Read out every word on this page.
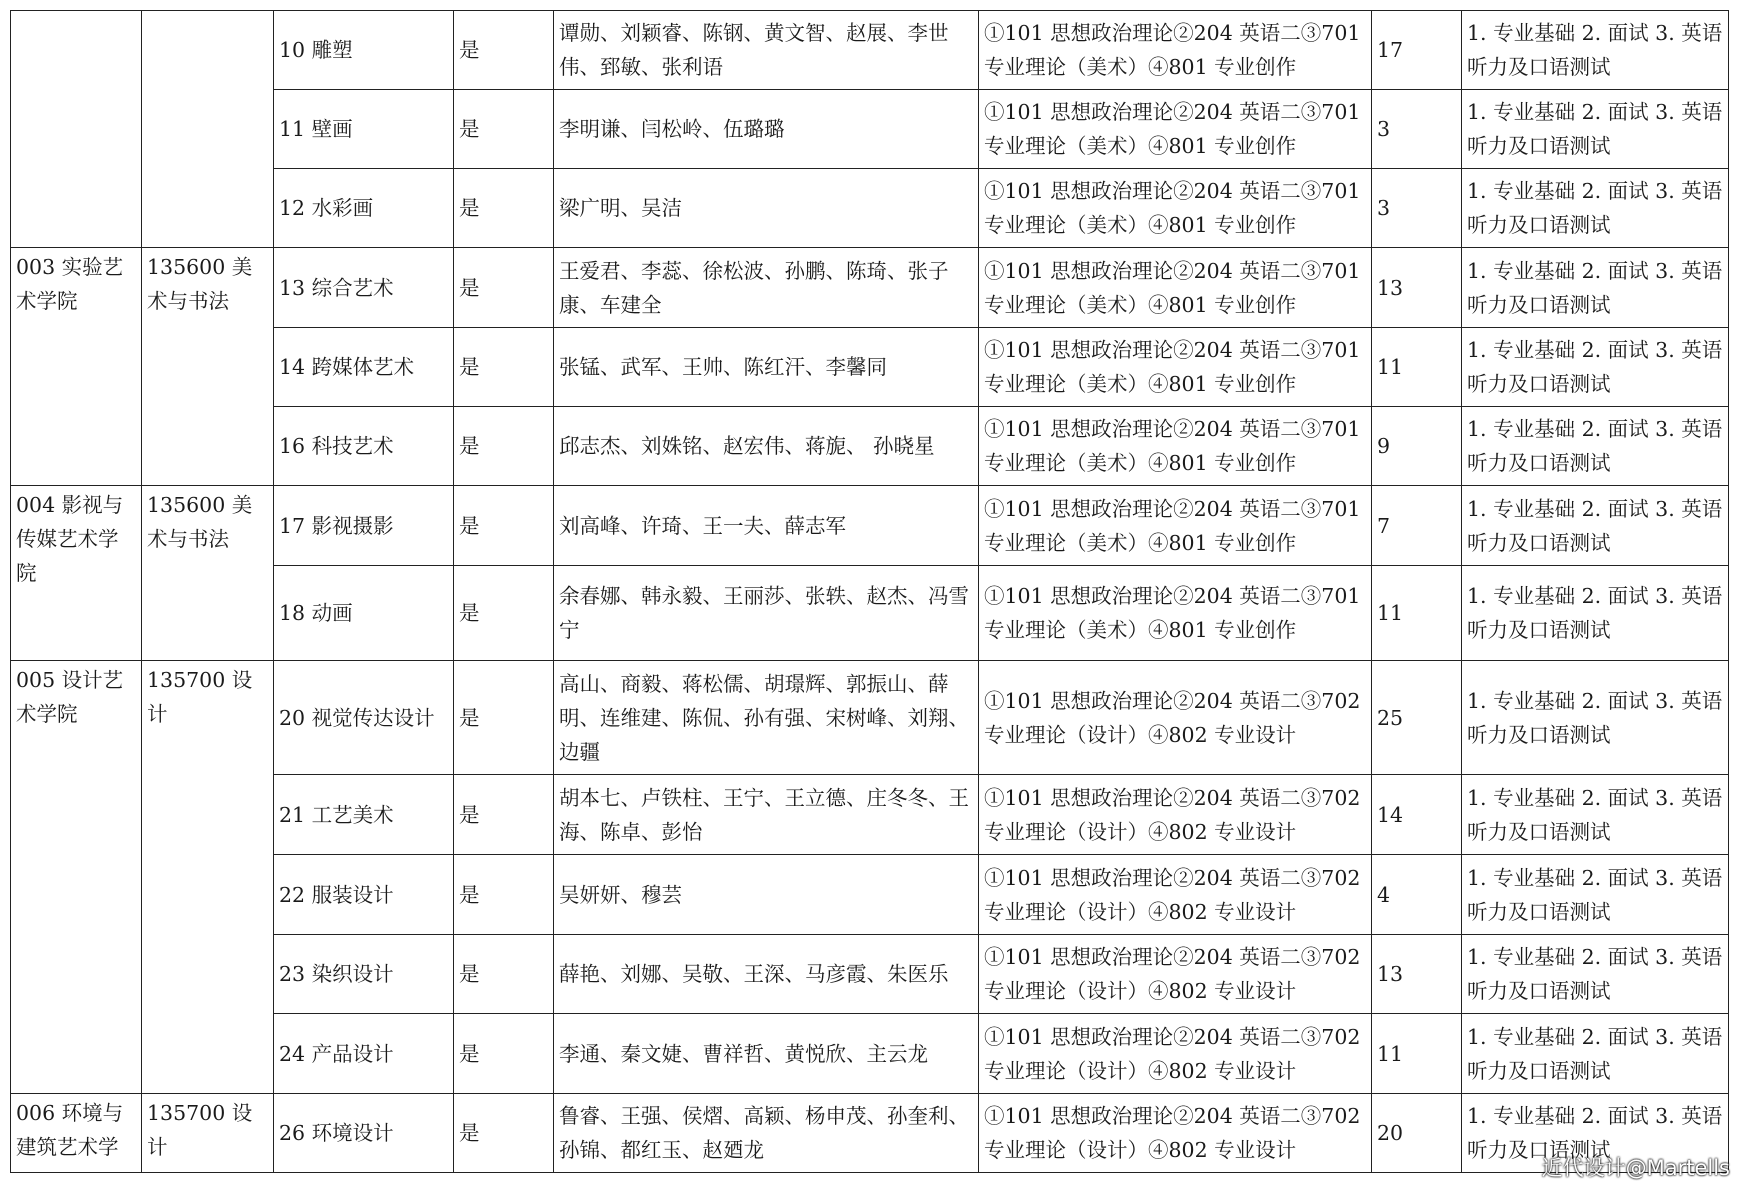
		10 雕塑	是	谭勋、刘颖睿、陈钢、黄文智、赵展、李世伟、郅敏、张利语	①101 思想政治理论②204 英语二③701 专业理论（美术）④801 专业创作	17	1. 专业基础 2. 面试 3. 英语听力及口语测试
		11 壁画	是	李明谦、闫松岭、伍璐璐	①101 思想政治理论②204 英语二③701 专业理论（美术）④801 专业创作	3	1. 专业基础 2. 面试 3. 英语听力及口语测试
		12 水彩画	是	梁广明、吴洁	①101 思想政治理论②204 英语二③701 专业理论（美术）④801 专业创作	3	1. 专业基础 2. 面试 3. 英语听力及口语测试
003 实验艺术学院	135600 美术与书法	13 综合艺术	是	王爱君、李蕊、徐松波、孙鹏、陈琦、张子康、车建全	①101 思想政治理论②204 英语二③701 专业理论（美术）④801 专业创作	13	1. 专业基础 2. 面试 3. 英语听力及口语测试
		14 跨媒体艺术	是	张锰、武军、王帅、陈红汗、李馨同	①101 思想政治理论②204 英语二③701 专业理论（美术）④801 专业创作	11	1. 专业基础 2. 面试 3. 英语听力及口语测试
		16 科技艺术	是	邱志杰、刘姝铭、赵宏伟、蒋旎、 孙晓星	①101 思想政治理论②204 英语二③701 专业理论（美术）④801 专业创作	9	1. 专业基础 2. 面试 3. 英语听力及口语测试
004 影视与传媒艺术学院	135600 美术与书法	17 影视摄影	是	刘高峰、许琦、王一夫、薛志军	①101 思想政治理论②204 英语二③701 专业理论（美术）④801 专业创作	7	1. 专业基础 2. 面试 3. 英语听力及口语测试
		18 动画	是	余春娜、韩永毅、王丽莎、张轶、赵杰、冯雪宁	①101 思想政治理论②204 英语二③701 专业理论（美术）④801 专业创作	11	1. 专业基础 2. 面试 3. 英语听力及口语测试
005 设计艺术学院	135700 设计	20 视觉传达设计	是	高山、商毅、蒋松儒、胡璟辉、郭振山、薛明、连维建、陈侃、孙有强、宋树峰、刘翔、边疆	①101 思想政治理论②204 英语二③702 专业理论（设计）④802 专业设计	25	1. 专业基础 2. 面试 3. 英语听力及口语测试
		21 工艺美术	是	胡本七、卢铁柱、王宁、王立德、庄冬冬、王海、陈卓、彭怡	①101 思想政治理论②204 英语二③702 专业理论（设计）④802 专业设计	14	1. 专业基础 2. 面试 3. 英语听力及口语测试
		22 服装设计	是	吴妍妍、穆芸	①101 思想政治理论②204 英语二③702 专业理论（设计）④802 专业设计	4	1. 专业基础 2. 面试 3. 英语听力及口语测试
		23 染织设计	是	薛艳、刘娜、吴敬、王深、马彦霞、朱医乐	①101 思想政治理论②204 英语二③702 专业理论（设计）④802 专业设计	13	1. 专业基础 2. 面试 3. 英语听力及口语测试
		24 产品设计	是	李通、秦文婕、曹祥哲、黄悦欣、主云龙	①101 思想政治理论②204 英语二③702 专业理论（设计）④802 专业设计	11	1. 专业基础 2. 面试 3. 英语听力及口语测试
006 环境与建筑艺术学	135700 设计	26 环境设计	是	鲁睿、王强、侯熠、高颖、杨申茂、孙奎利、孙锦、都红玉、赵廼龙	①101 思想政治理论②204 英语二③702 专业理论（设计）④802 专业设计	20	1. 专业基础 2. 面试 3. 英语听力及口语测试
近代设计@Martells
